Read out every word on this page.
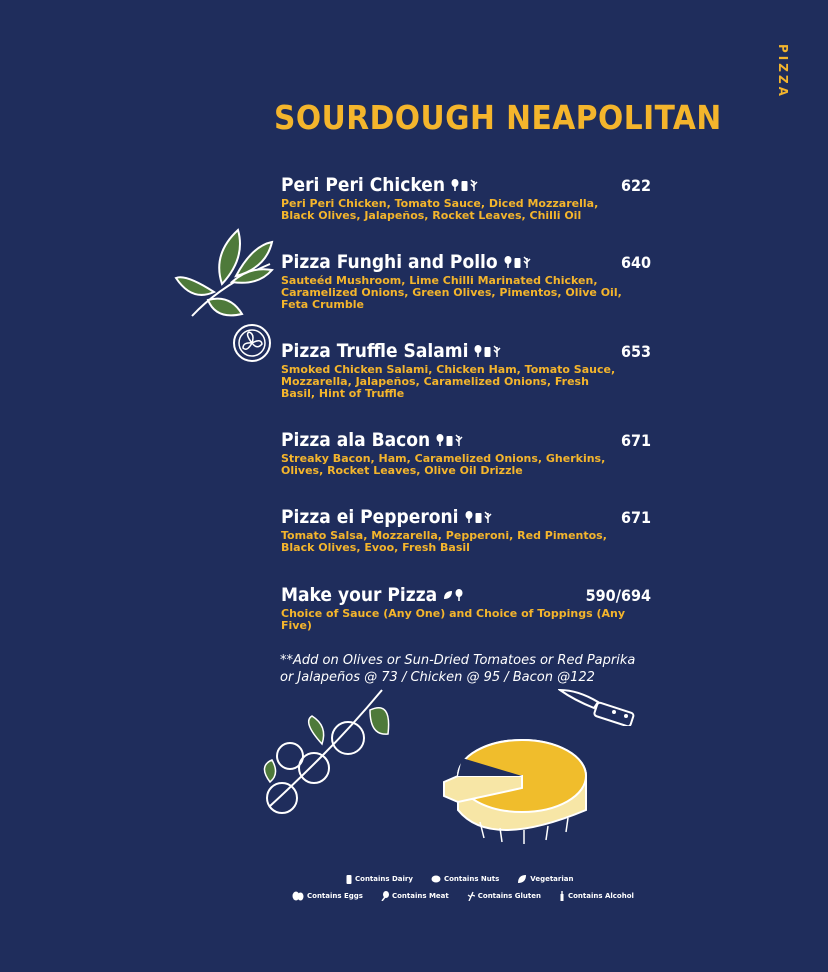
PIZZA
SOURDOUGH NEAPOLITAN
Peri Peri Chicken	622
Peri Peri Chicken, Tomato Sauce, Diced Mozzarella, Black Olives, Jalapeños, Rocket Leaves, Chilli Oil
Pizza Funghi and Pollo	640
Sauteéd Mushroom, Lime Chilli Marinated Chicken, Caramelized Onions, Green Olives, Pimentos, Olive Oil, Feta Crumble
Pizza Truffle Salami	653
Smoked Chicken Salami, Chicken Ham, Tomato Sauce, Mozzarella, Jalapeños, Caramelized Onions, Fresh Basil, Hint of Truffle
Pizza ala Bacon	671
Streaky Bacon, Ham, Caramelized Onions, Gherkins, Olives, Rocket Leaves, Olive Oil Drizzle
Pizza ei Pepperoni	671
Tomato Salsa, Mozzarella, Pepperoni, Red Pimentos, Black Olives, Evoo, Fresh Basil
Make your Pizza	590/694
Choice of Sauce (Any One) and Choice of Toppings (Any Five)
**Add on Olives or Sun-Dried Tomatoes or Red Paprika
or Jalapeños @ 73 / Chicken @ 95 / Bacon @122
Contains Dairy	Contains Nuts	Vegetarian
Contains Eggs	Contains Meat	Contains Gluten	Contains Alcohol
